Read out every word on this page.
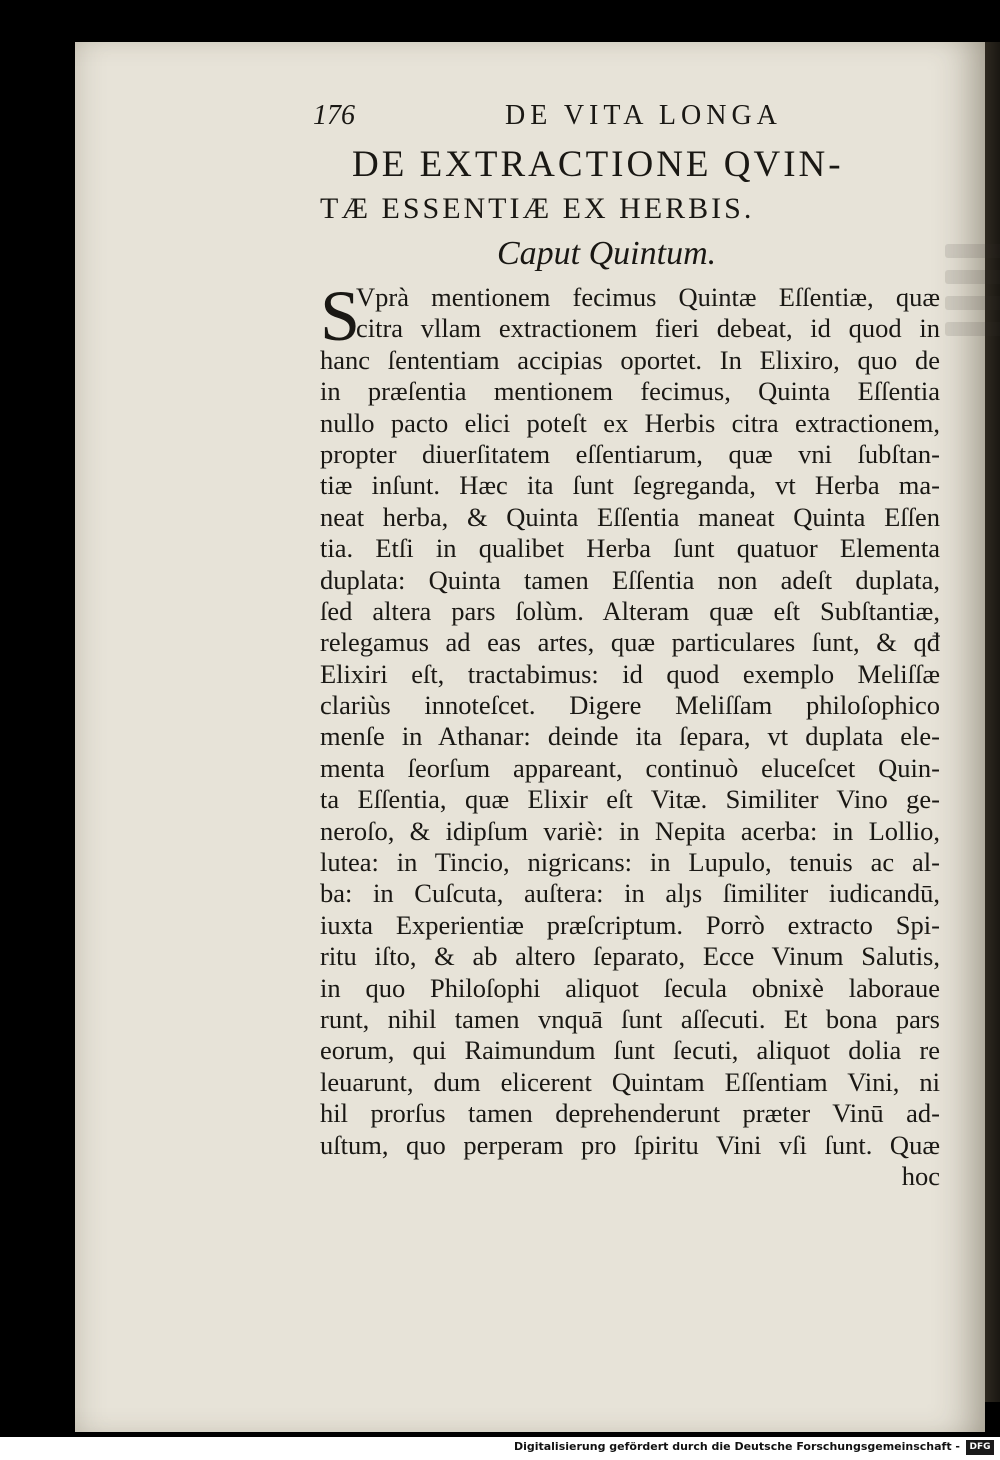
176	DE VITA LONGA
DE EXTRACTIONE QVIN-
TÆ ESSENTIÆ EX HERBIS.
Caput Quintum.
S
Vprà mentionem fecimus Quintæ Eſſentiæ, quæ
citra vllam extractionem fieri debeat, id quod in
hanc ſententiam accipias oportet. In Elixiro, quo de
in præſentia mentionem fecimus, Quinta Eſſentia
nullo pacto elici poteſt ex Herbis citra extractionem,
propter diuerſitatem eſſentiarum, quæ vni ſubſtan-
tiæ inſunt. Hæc ita ſunt ſegreganda, vt Herba ma-
neat herba, & Quinta Eſſentia maneat Quinta Eſſen
tia. Etſi in qualibet Herba ſunt quatuor Elementa
duplata: Quinta tamen Eſſentia non adeſt duplata,
ſed altera pars ſolùm. Alteram quæ eſt Subſtantiæ,
relegamus ad eas artes, quæ particulares ſunt, & qđ
Elixiri eſt, tractabimus: id quod exemplo Meliſſæ
clariùs innoteſcet. Digere Meliſſam philoſophico
menſe in Athanar: deinde ita ſepara, vt duplata ele-
menta ſeorſum appareant, continuò eluceſcet Quin-
ta Eſſentia, quæ Elixir eſt Vitæ. Similiter Vino ge-
neroſo, & idipſum variè: in Nepita acerba: in Lollio,
lutea: in Tincio, nigricans: in Lupulo, tenuis ac al-
ba: in Cuſcuta, auſtera: in alȷs ſimiliter iudicandū,
iuxta Experientiæ præſcriptum. Porrò extracto Spi-
ritu iſto, & ab altero ſeparato, Ecce Vinum Salutis,
in quo Philoſophi aliquot ſecula obnixè laboraue
runt, nihil tamen vnquā ſunt aſſecuti. Et bona pars
eorum, qui Raimundum ſunt ſecuti, aliquot dolia re
leuarunt, dum elicerent Quintam Eſſentiam Vini, ni
hil prorſus tamen deprehenderunt præter Vinū ad-
uſtum, quo perperam pro ſpiritu Vini vſi ſunt. Quæ
hoc
Digitalisierung gefördert durch die Deutsche Forschungsgemeinschaft -	DFG
